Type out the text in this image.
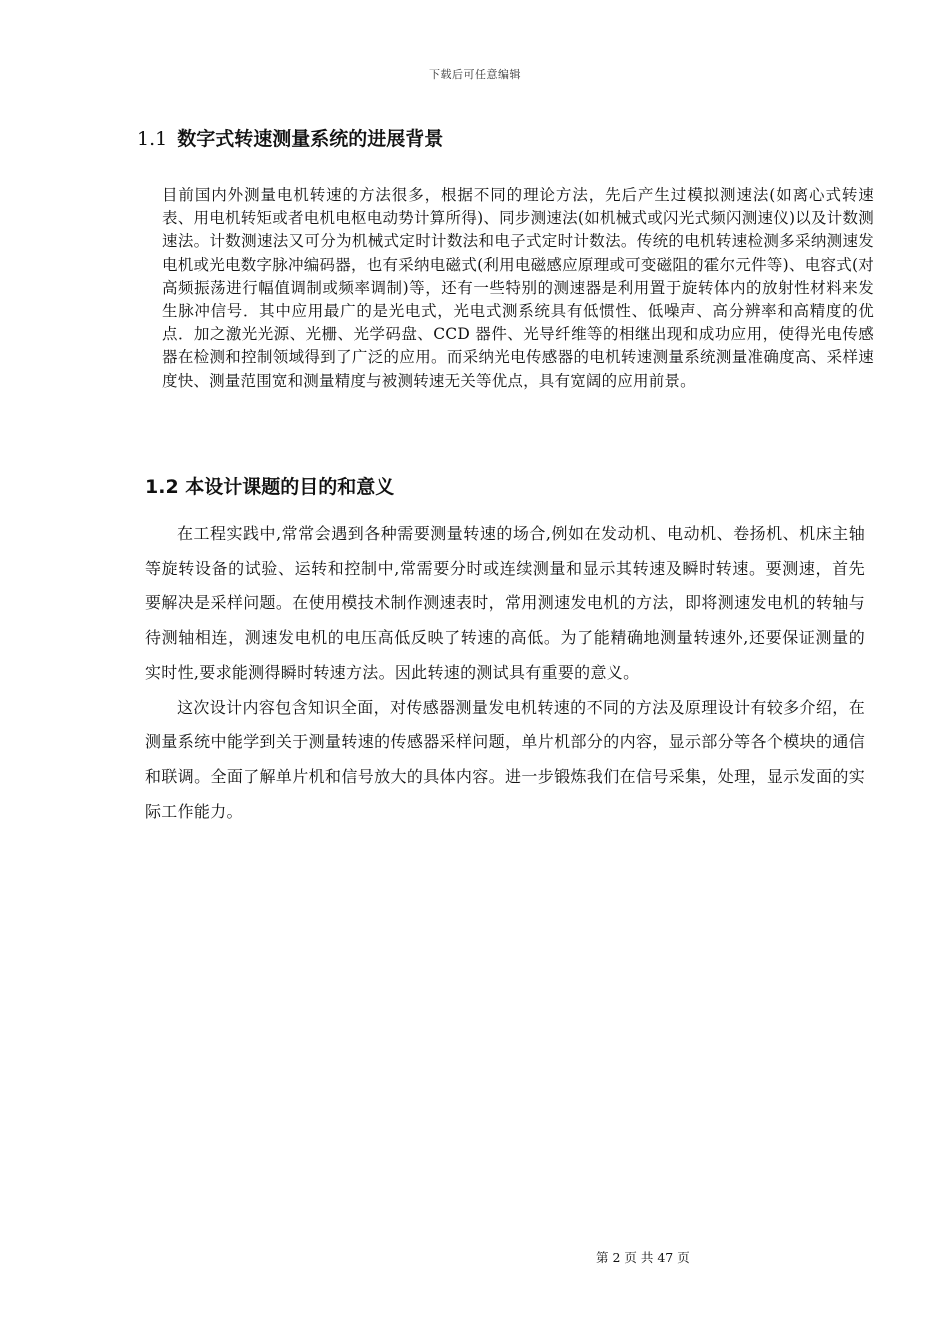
下载后可任意编辑
1.1 数字式转速测量系统的进展背景

目前国内外测量电机转速的方法很多，根据不同的理论方法，先后产生过模拟测速法(如离心式转速表、用电机转矩或者电机电枢电动势计算所得)、同步测速法(如机械式或闪光式频闪测速仪)以及计数测速法。计数测速法又可分为机械式定时计数法和电子式定时计数法。传统的电机转速检测多采纳测速发电机或光电数字脉冲编码器，也有采纳电磁式(利用电磁感应原理或可变磁阻的霍尔元件等)、电容式(对高频振荡进行幅值调制或频率调制)等，还有一些特别的测速器是利用置于旋转体内的放射性材料来发生脉冲信号．其中应用最广的是光电式，光电式测系统具有低惯性、低噪声、高分辨率和高精度的优点．加之激光光源、光栅、光学码盘、CCD 器件、光导纤维等的相继出现和成功应用，使得光电传感器在检测和控制领域得到了广泛的应用。而采纳光电传感器的电机转速测量系统测量准确度高、采样速度快、测量范围宽和测量精度与被测转速无关等优点，具有宽阔的应用前景。

1.2 本设计课题的目的和意义

在工程实践中,常常会遇到各种需要测量转速的场合,例如在发动机、电动机、卷扬机、机床主轴等旋转设备的试验、运转和控制中,常需要分时或连续测量和显示其转速及瞬时转速。要测速，首先要解决是采样问题。在使用模技术制作测速表时，常用测速发电机的方法，即将测速发电机的转轴与待测轴相连，测速发电机的电压高低反映了转速的高低。为了能精确地测量转速外,还要保证测量的实时性,要求能测得瞬时转速方法。因此转速的测试具有重要的意义。

这次设计内容包含知识全面，对传感器测量发电机转速的不同的方法及原理设计有较多介绍，在测量系统中能学到关于测量转速的传感器采样问题，单片机部分的内容，显示部分等各个模块的通信和联调。全面了解单片机和信号放大的具体内容。进一步锻炼我们在信号采集，处理，显示发面的实际工作能力。

第 2 页 共 47 页
